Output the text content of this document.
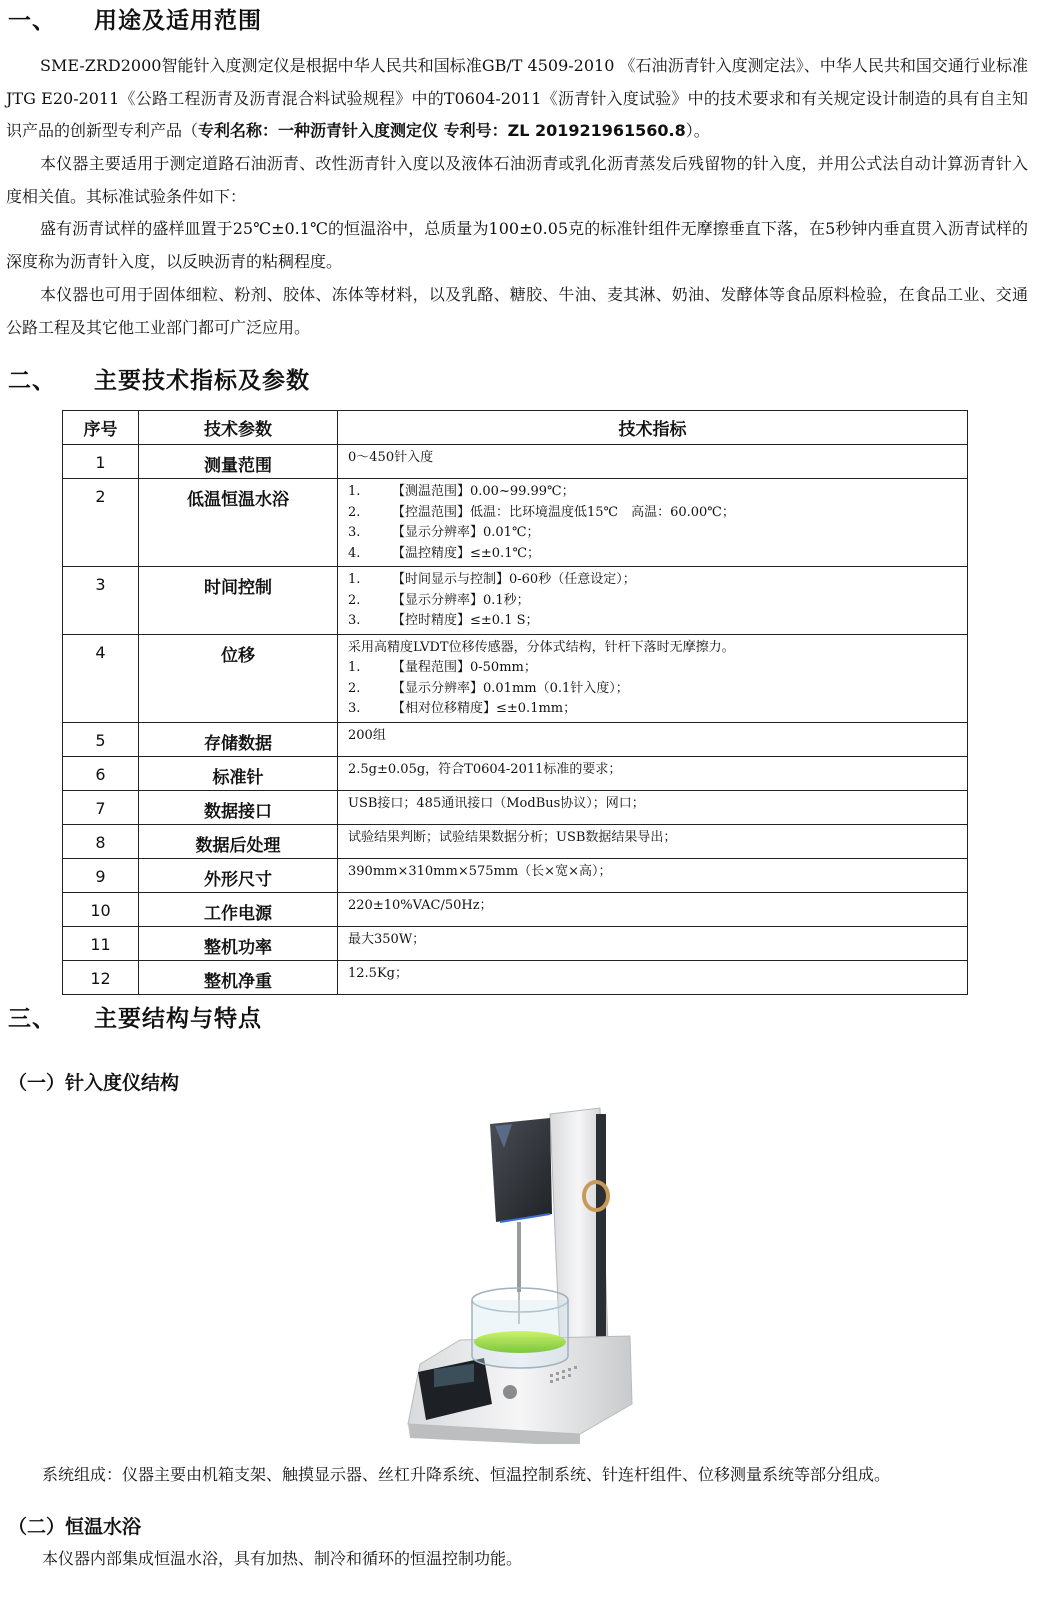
一、 用途及适用范围

SME-ZRD2000智能针入度测定仪是根据中华人民共和国标准GB/T 4509-2010 《石油沥青针入度测定法》、中华人民共和国交通行业标准JTG E20-2011《公路工程沥青及沥青混合料试验规程》中的T0604-2011《沥青针入度试验》中的技术要求和有关规定设计制造的具有自主知识产品的创新型专利产品（专利名称：一种沥青针入度测定仪 专利号：ZL 201921961560.8）。

本仪器主要适用于测定道路石油沥青、改性沥青针入度以及液体石油沥青或乳化沥青蒸发后残留物的针入度，并用公式法自动计算沥青针入度相关值。其标准试验条件如下：

盛有沥青试样的盛样皿置于25℃±0.1℃的恒温浴中，总质量为100±0.05克的标准针组件无摩擦垂直下落，在5秒钟内垂直贯入沥青试样的深度称为沥青针入度，以反映沥青的粘稠程度。

本仪器也可用于固体细粒、粉剂、胶体、冻体等材料，以及乳酪、糖胶、牛油、麦其淋、奶油、发酵体等食品原料检验，在食品工业、交通公路工程及其它他工业部门都可广泛应用。

二、 主要技术指标及参数
序号	技术参数	技术指标
1	测量范围	0～450针入度

2	低温恒温水浴	1. 【测温范围】0.00~99.99℃；
2. 【控温范围】低温：比环境温度低15℃　高温：60.00℃；
3. 【显示分辨率】0.01℃；
4. 【温控精度】≤±0.1℃；

3	时间控制	1. 【时间显示与控制】0-60秒（任意设定）；
2. 【显示分辨率】0.1秒；
3. 【控时精度】≤±0.1 S；

4	位移	采用高精度LVDT位移传感器，分体式结构，针杆下落时无摩擦力。
1. 【量程范围】0-50mm；
2. 【显示分辨率】0.01mm（0.1针入度）；
3. 【相对位移精度】≤±0.1mm；

5	存储数据	200组

6	标准针	2.5g±0.05g，符合T0604-2011标准的要求；

7	数据接口	USB接口；485通讯接口（ModBus协议）；网口；

8	数据后处理	试验结果判断；试验结果数据分析；USB数据结果导出；

9	外形尺寸	390mm×310mm×575mm（长×宽×高）；

10	工作电源	220±10%VAC/50Hz；

11	整机功率	最大350W；

12	整机净重	12.5Kg；
三、 主要结构与特点
（一）针入度仪结构
系统组成：仪器主要由机箱支架、触摸显示器、丝杠升降系统、恒温控制系统、针连杆组件、位移测量系统等部分组成。
（二）恒温水浴
本仪器内部集成恒温水浴，具有加热、制冷和循环的恒温控制功能。
